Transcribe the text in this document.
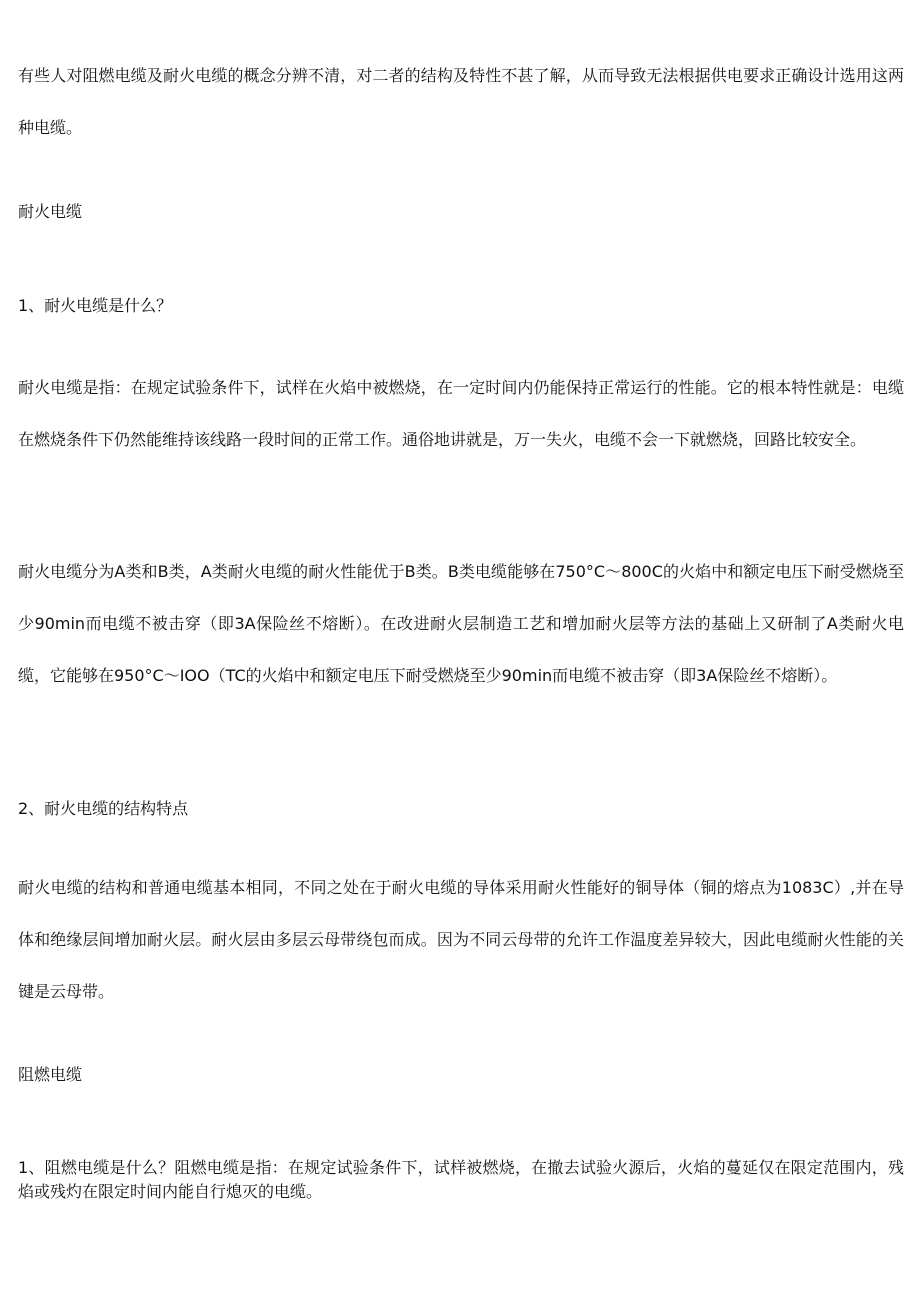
有些人对阻燃电缆及耐火电缆的概念分辨不清，对二者的结构及特性不甚了解，从而导致无法根据供电要求正确设计选用这两种电缆。

耐火电缆

1、耐火电缆是什么？

耐火电缆是指：在规定试验条件下，试样在火焰中被燃烧，在一定时间内仍能保持正常运行的性能。它的根本特性就是：电缆在燃烧条件下仍然能维持该线路一段时间的正常工作。通俗地讲就是，万一失火，电缆不会一下就燃烧，回路比较安全。

耐火电缆分为A类和B类，A类耐火电缆的耐火性能优于B类。B类电缆能够在750°C～800C的火焰中和额定电压下耐受燃烧至少90min而电缆不被击穿（即3A保险丝不熔断）。在改进耐火层制造工艺和增加耐火层等方法的基础上又研制了A类耐火电缆，它能够在950°C～IOO（TC的火焰中和额定电压下耐受燃烧至少90min而电缆不被击穿（即3A保险丝不熔断）。

2、耐火电缆的结构特点

耐火电缆的结构和普通电缆基本相同，不同之处在于耐火电缆的导体采用耐火性能好的铜导体（铜的熔点为1083C）,并在导体和绝缘层间增加耐火层。耐火层由多层云母带绕包而成。因为不同云母带的允许工作温度差异较大，因此电缆耐火性能的关键是云母带。

阻燃电缆

1、阻燃电缆是什么？阻燃电缆是指：在规定试验条件下，试样被燃烧，在撤去试验火源后，火焰的蔓延仅在限定范围内，残焰或残灼在限定时间内能自行熄灭的电缆。
